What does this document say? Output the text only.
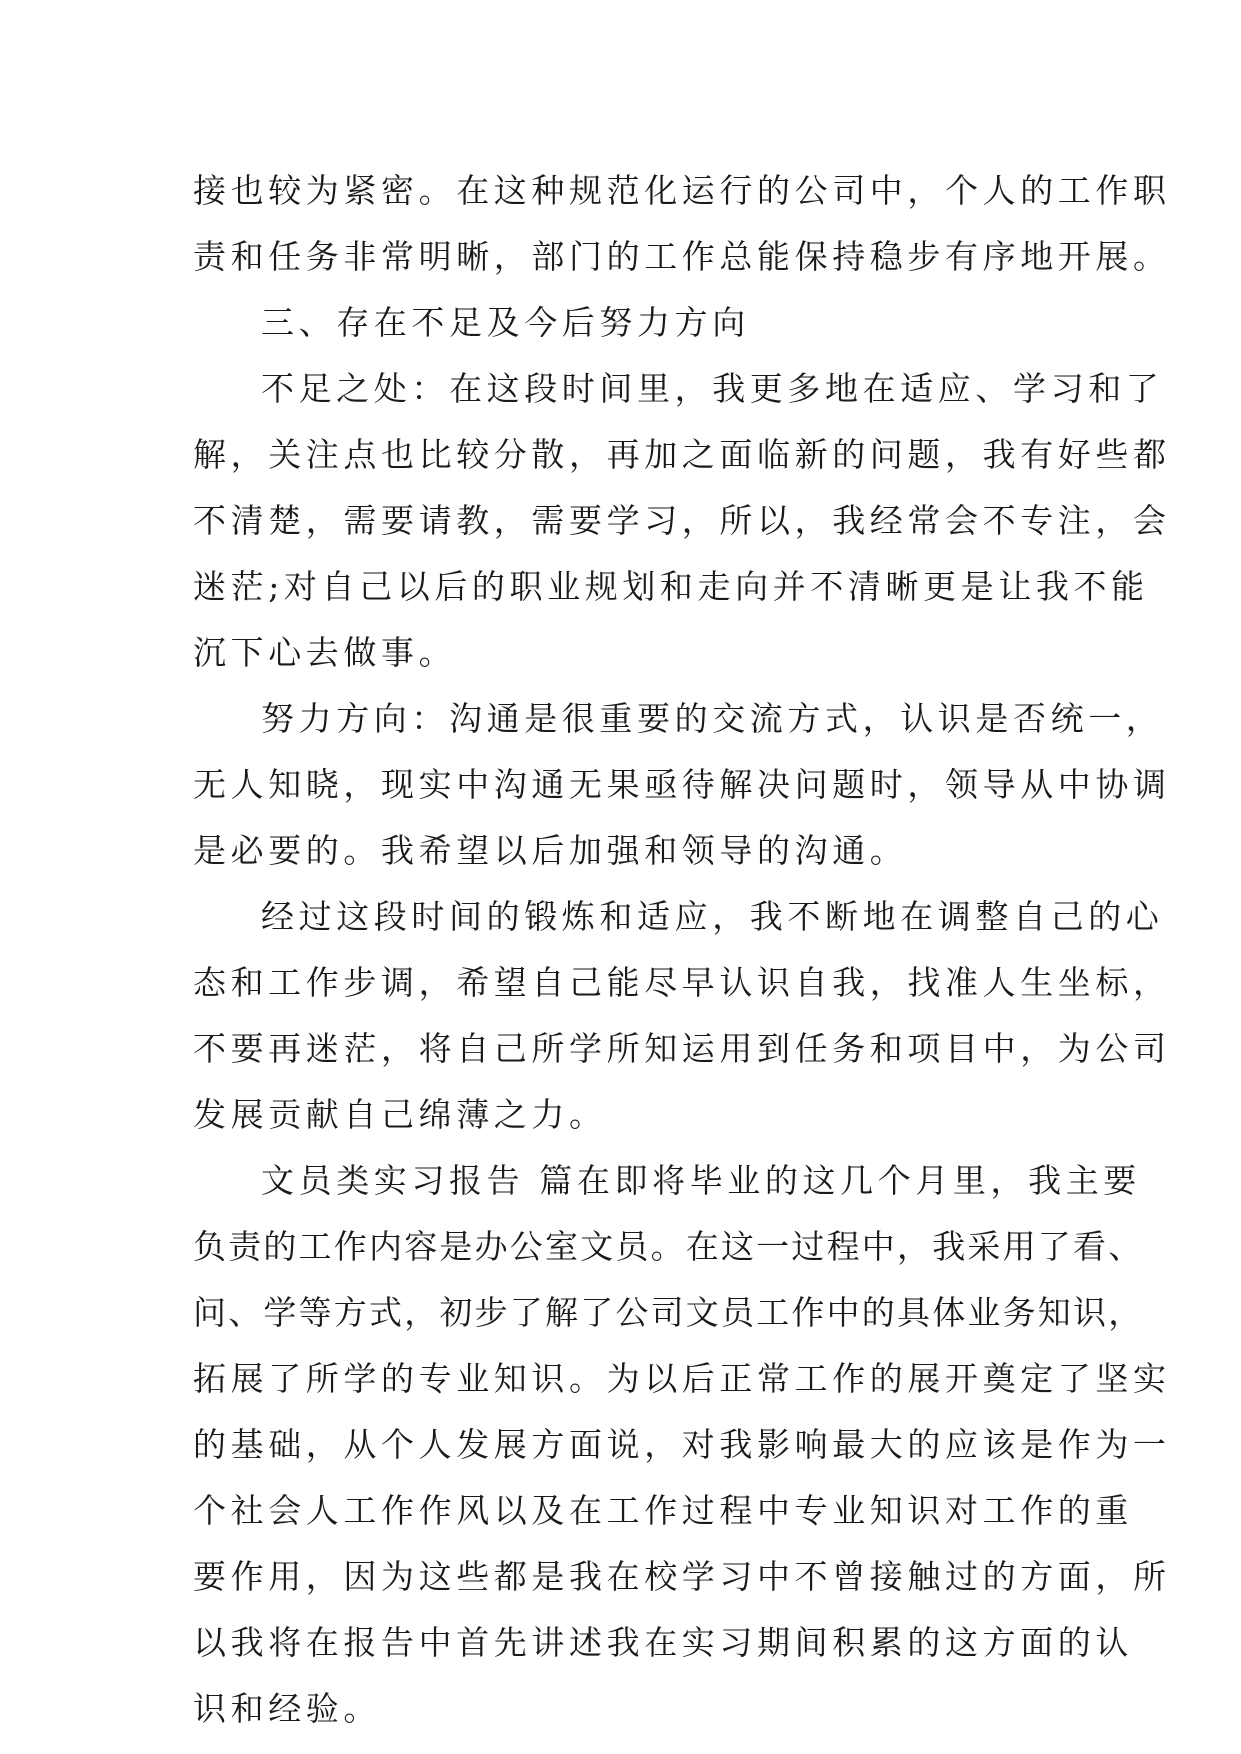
接也较为紧密。在这种规范化运行的公司中，个人的工作职
责和任务非常明晰，部门的工作总能保持稳步有序地开展。
三、存在不足及今后努力方向
不足之处：在这段时间里，我更多地在适应、学习和了
解，关注点也比较分散，再加之面临新的问题，我有好些都
不清楚，需要请教，需要学习，所以，我经常会不专注，会
迷茫;对自己以后的职业规划和走向并不清晰更是让我不能
沉下心去做事。
努力方向：沟通是很重要的交流方式，认识是否统一，
无人知晓，现实中沟通无果亟待解决问题时，领导从中协调
是必要的。我希望以后加强和领导的沟通。
经过这段时间的锻炼和适应，我不断地在调整自己的心
态和工作步调，希望自己能尽早认识自我，找准人生坐标，
不要再迷茫，将自己所学所知运用到任务和项目中，为公司
发展贡献自己绵薄之力。
文员类实习报告 篇在即将毕业的这几个月里，我主要
负责的工作内容是办公室文员。在这一过程中，我采用了看、
问、学等方式，初步了解了公司文员工作中的具体业务知识，
拓展了所学的专业知识。为以后正常工作的展开奠定了坚实
的基础，从个人发展方面说，对我影响最大的应该是作为一
个社会人工作作风以及在工作过程中专业知识对工作的重
要作用，因为这些都是我在校学习中不曾接触过的方面，所
以我将在报告中首先讲述我在实习期间积累的这方面的认
识和经验。
